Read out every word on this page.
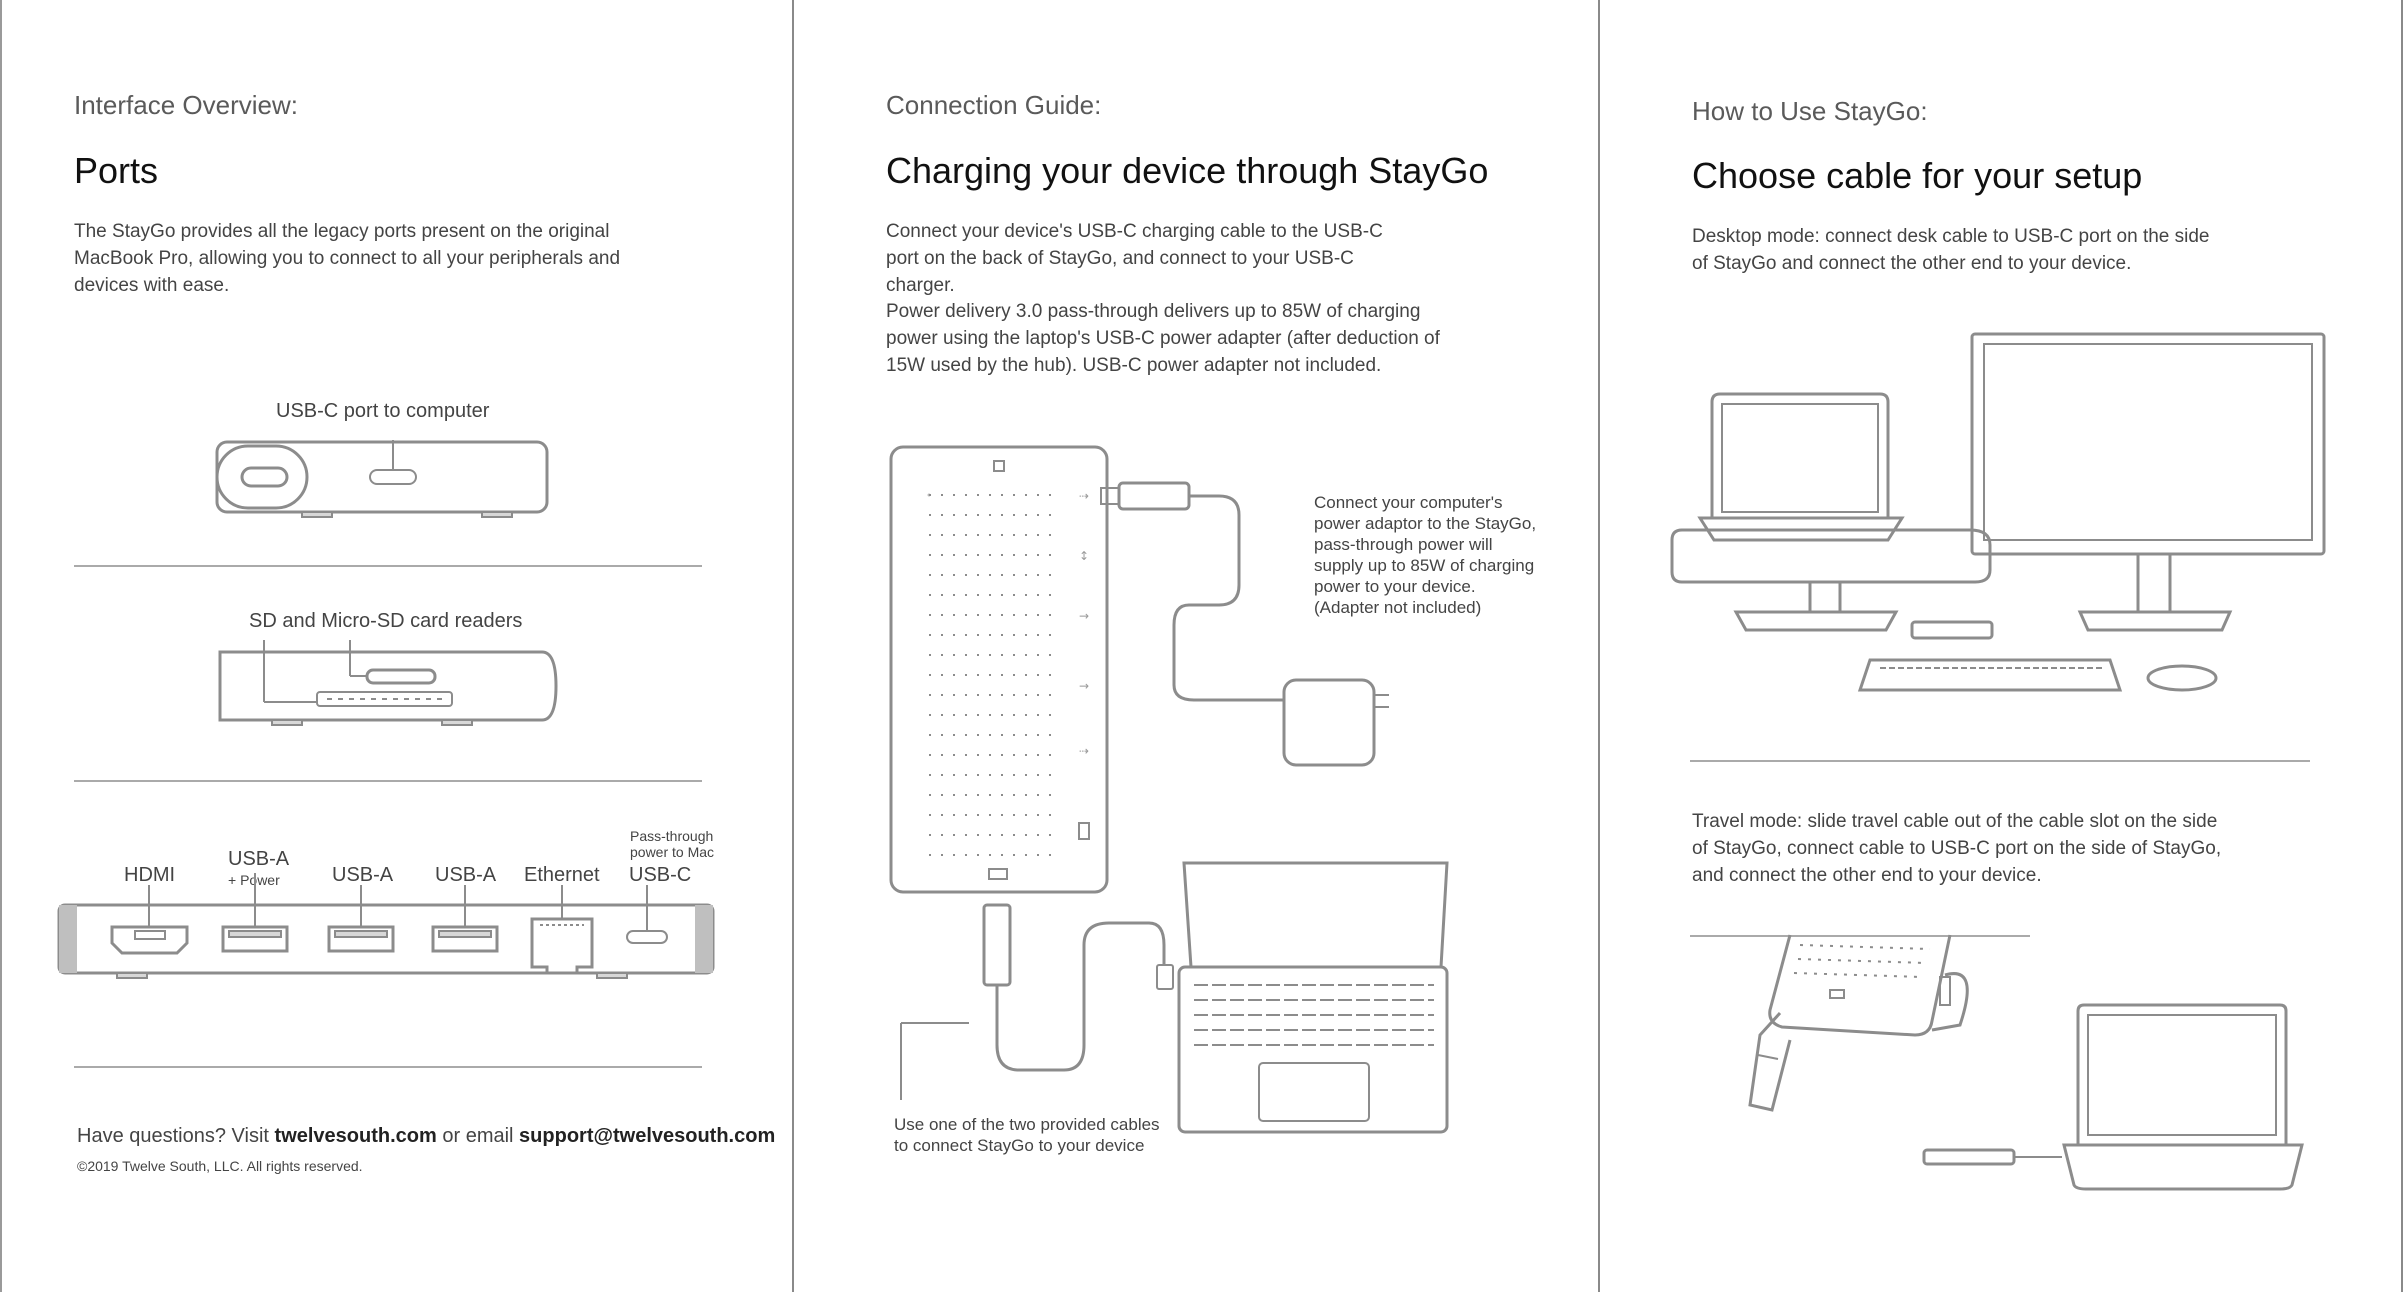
Interface Overview:
Ports
The StayGo provides all the legacy ports present on the original MacBook Pro, allowing you to connect to all your peripherals and devices with ease.
USB-C port to computer
SD and Micro-SD card readers
Pass-through
power to Mac
HDMI
USB-A
+ Power	USB-A USB-A Ethernet USB-C
Have questions? Visit twelvesouth.com or email support@twelvesouth.com
©2019 Twelve South, LLC. All rights reserved.
Connection Guide:
Charging your device through StayGo
Connect your device's USB-C charging cable to the USB-C port on the back of StayGo, and connect to your USB-C charger.
Power delivery 3.0 pass-through delivers up to 85W of charging power using the laptop's USB-C power adapter (after deduction of 15W used by the hub). USB-C power adapter not included.
⇢
↕
→
→
⇢
Connect your computer's
power adaptor to the StayGo,
pass-through power will
supply up to 85W of charging
power to your device.
(Adapter not included)
Use one of the two provided cables
to connect StayGo to your device
How to Use StayGo:
Choose cable for your setup
Desktop mode: connect desk cable to USB-C port on the side of StayGo and connect the other end to your device.
Travel mode: slide travel cable out of the cable slot on the side of StayGo, connect cable to USB-C port on the side of StayGo, and connect the other end to your device.
